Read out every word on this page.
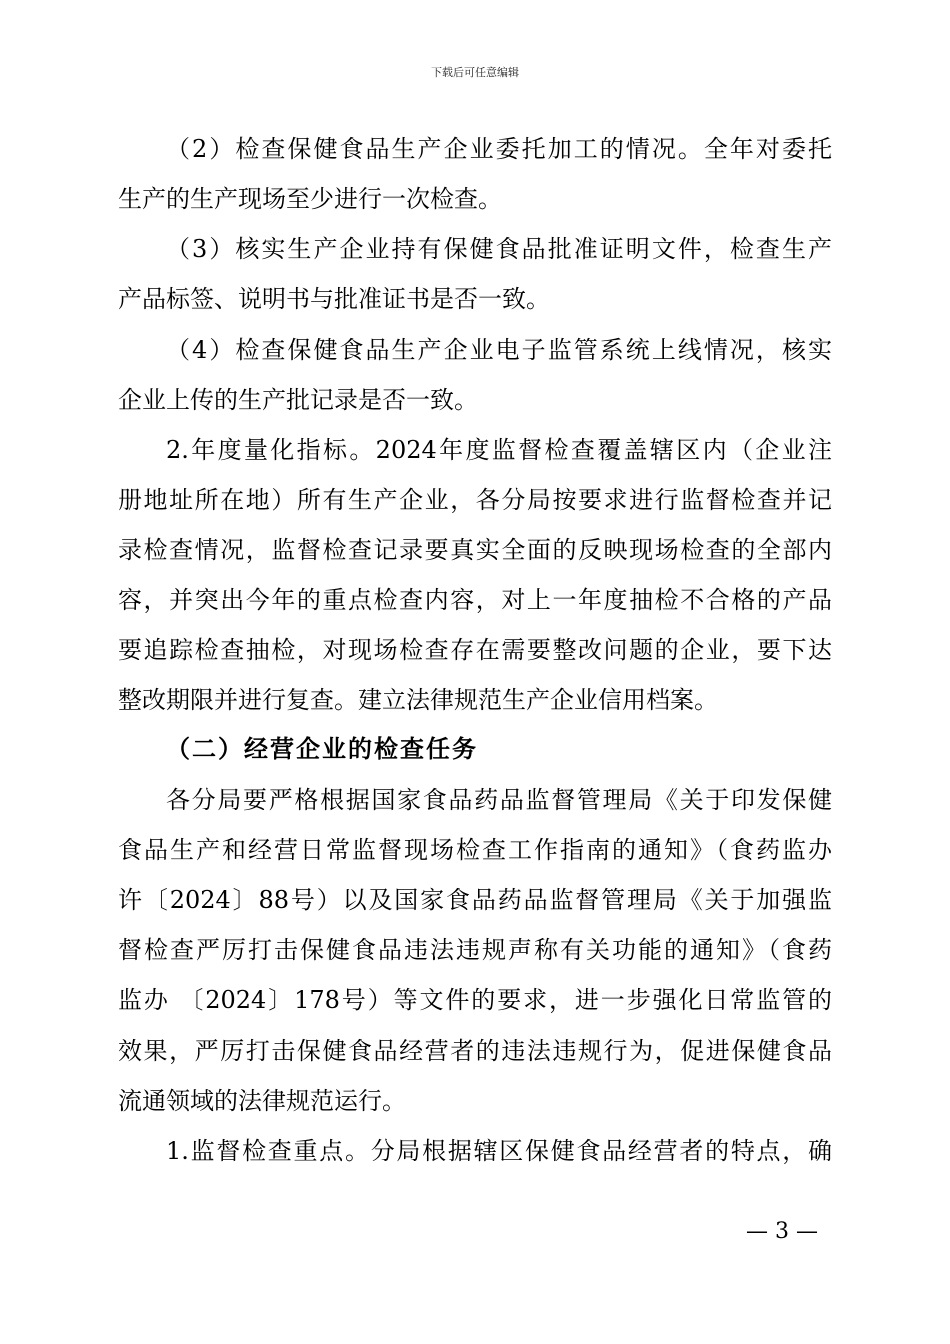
下载后可任意编辑
（2）检查保健食品生产企业委托加工的情况。全年对委托
生产的生产现场至少进行一次检查。
（3）核实生产企业持有保健食品批准证明文件，检查生产
产品标签、说明书与批准证书是否一致。
（4）检查保健食品生产企业电子监管系统上线情况，核实
企业上传的生产批记录是否一致。
2.年度量化指标。2024年度监督检查覆盖辖区内（企业注
册地址所在地）所有生产企业，各分局按要求进行监督检查并记
录检查情况，监督检查记录要真实全面的反映现场检查的全部内
容，并突出今年的重点检查内容，对上一年度抽检不合格的产品
要追踪检查抽检，对现场检查存在需要整改问题的企业，要下达
整改期限并进行复查。建立法律规范生产企业信用档案。
（二）经营企业的检查任务
各分局要严格根据国家食品药品监督管理局《关于印发保健
食品生产和经营日常监督现场检查工作指南的通知》（食药监办
许〔2024〕88号）以及国家食品药品监督管理局《关于加强监
督检查严厉打击保健食品违法违规声称有关功能的通知》（食药
监办 〔2024〕178号）等文件的要求，进一步强化日常监管的
效果，严厉打击保健食品经营者的违法违规行为，促进保健食品
流通领域的法律规范运行。
1.监督检查重点。分局根据辖区保健食品经营者的特点，确
— 3 —
